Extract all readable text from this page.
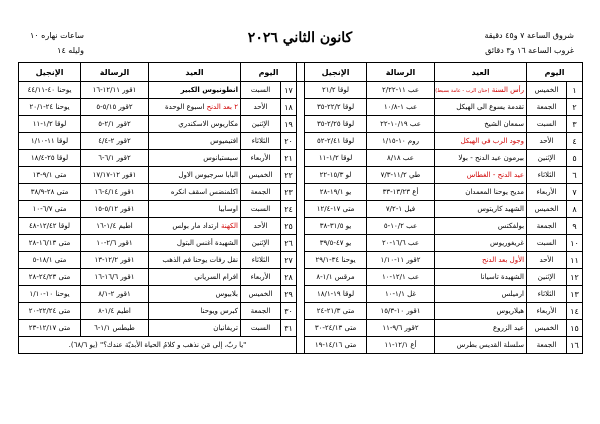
شروق الساعة ٧ و٤٥ دقيقة
غروب الساعة ١٦ و٣ دقائق
كانون الثاني ٢٠٢٦
ساعات نهاره ١٠
وليله ١٤
اليوم		العيد	الرسالة	الإنجيل		اليوم		العيد	الرسالة	الإنجيل
١	الخميس	رأس السنة (ختان الرب - عامة بسيط)	عب ١١-٢/٢٢	لوقا ٢١/٢		١٧	السبت	انطونيوس الكبير	١قور ١٢/١١-١٦	يوحنا ٤٠-٤٤/١١
٢	الجمعة	تقدمة يسوع الى الهيكل	عب ١-١٠/٨	لوقا ٢٢/٢-٣٥		١٨	الأحد	٢ بعد الدنح اسبوع الوحدة	٢قور ٥/١٥-٥	يوحنا ٢٤-٢٠/١
٣	السبت	سمعان الشيخ	عب ١٠/١٩-٢٢	لوقا ٢/٢٥-٣٥		١٩	الإثنين	مكاريوس الاسكندري	٢قور ٢/١-٥	لوقا ١/٢-١١
٤	الأحد	وجود الرب في الهيكل	روم ١٠-١/١٥	لوقا ٢/٤١-٥٢		٢٠	الثلاثاء	افتيميوس	٢قور ٢-٤/٤	لوقا ١١-١/١٠
٥	الإثنين	بيرمون عيد الدنح - بولا	عب ٨/١٨	لوقا ١/٢-١١		٢١	الأربعاء	سيستيانوس	٢قور ٦/١-٦	لوقا ٢٥-١٨/٤
٦	الثلاثاء	عيد الدنح - الغطاس	طي ١١/٢-٧/٣	لو ١٥/٣-٢٢		٢٢	الخميس	البابا سرجيوس الاول	١قور ١٢-١٧/١٧	متى ٩/١-١٣
٧	الأربعاء	مديح يوحنا المعمدان	أع ١٣/٢٣-٣٣	يو ١٩/١-٢٨		٢٣	الجمعة	اكلمنضس اسقف انكره	١قور ٤/١٤-١٦	متى ٢٨-٣٨/٩
٨	الخميس	الشهيد كاريتوس	فيل ١-٧/٢	متى ١٧-١٢/٤		٢٤	السبت	اوسابيا	١قور ٥/١٢-١٥	متى ٦/٧-١٠
٩	الجمعة	بولفكتس	عب ١٠/٢-٥	يو ٣١/٥-٣٨		٢٥	الأحد	الكهنة ارتداد مار بولس	اطيم ١/٤-١٦	لوقا ١٢/٤٢-٤٨
١٠	السبت	غريغوريوس	عب ١٦/٦-٢٠	يو ٤٧-٣٩/٥		٢٦	الإثنين	الشهيدة أغنس البتول	١قور ٢/٦-١٠	متى ١٦/١٣-٢٨
١١	الأحد	الأول بعد الدنح	٢قور ١١-١/١٠	يوحنا ٣٤-٢٩/١		٢٧	الثلاثاء	نقل رفات يوحنا فم الذهب	١قور ١٢/٢-١٣	متى ١٨/١-٥
١٢	الإثنين	الشهيدة تاسيانا	عب ١٢/١-١٠	مرقس ١/١-٨		٢٨	الأربعاء	افرام السرياني	١قور ١٦/٦-١٦	متى ٢٤/٢٣-٢٨
١٣	الثلاثاء	ارميلس	غل ١/١-١٠	لوقا ١٩-١٨/١		٢٩	الخميس	بلابيوس	١قور ٢-٨/١	يوحنا ١٠-١/١٠
١٤	الأربعاء	هيلاريوس	١قور ١٠-١٥/٣	متى ٢١/٣-٢٤		٣٠	الجمعة	كبرس ويوحنا	اطيم ١/٤-٨	متى ٢٢/٢٤-٢٠
١٥	الخميس	عيد الزروع	٢قور ٩/٦-١١	متى ٢٤/١٣-٣٠		٣١	السبت	تريفانيان	طيطس ١/١-٦	متى ١٢/١٧-٢٣
١٦	الجمعة	سلسلة القديس بطرس	أع ١٢/١-١١	متى ١٤/١٦-١٩		"يا ربّ، إلى مَن نذهب و كلامُ الحياة الأبديّة عندك؟" (يو ٦٨/٦).				
